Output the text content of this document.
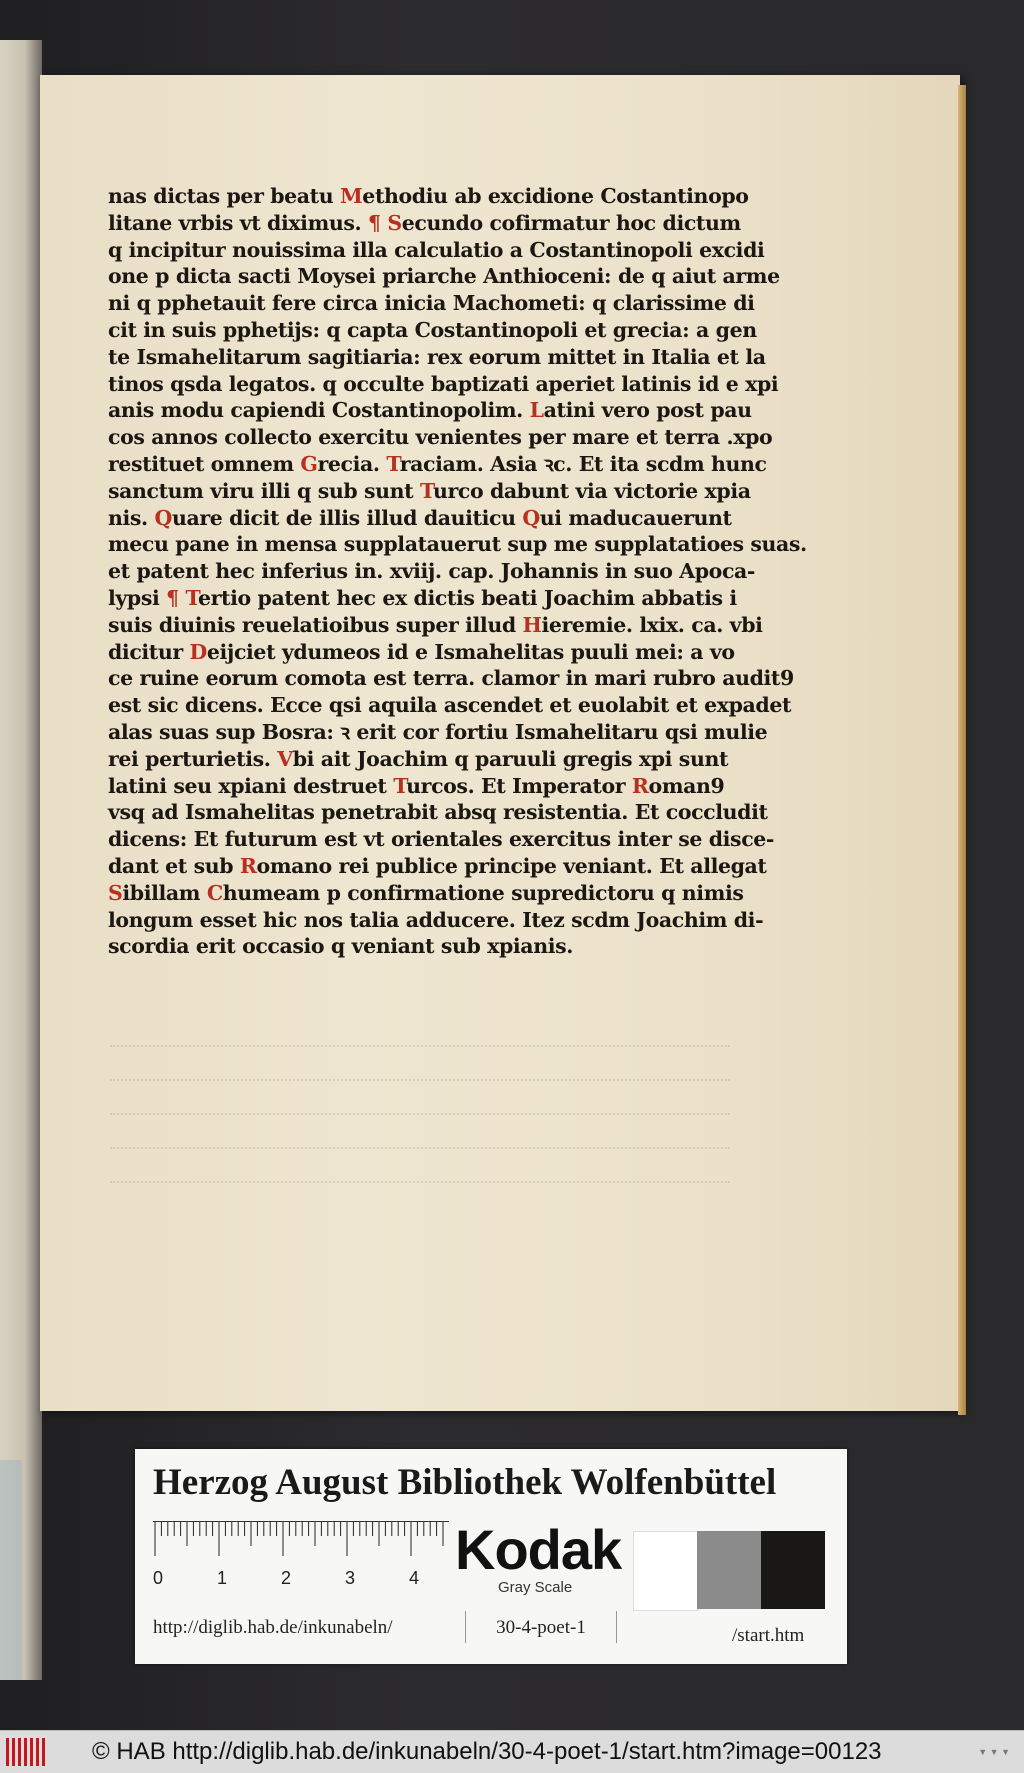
nas dictas per beatu Methodiu ab excidione Costantinopo
litane vrbis vt diximus. ¶ Secundo cofirmatur hoc dictum
q incipitur nouissima illa calculatio a Costantinopoli excidi
one p dicta sacti Moysei priarche Anthioceni: de q aiut arme
ni q pphetauit fere circa inicia Machometi: q clarissime di
cit in suis pphetijs: q capta Costantinopoli et grecia: a gen
te Ismahelitarum sagitiaria: rex eorum mittet in Italia et la
tinos qsda legatos. q occulte baptizati aperiet latinis id e xpi
anis modu capiendi Costantinopolim. Latini vero post pau
cos annos collecto exercitu venientes per mare et terra .xpo
restituet omnem Grecia. Traciam. Asia ꝛc. Et ita scdm hunc
sanctum viru illi q sub sunt Turco dabunt via victorie xpia
nis. Quare dicit de illis illud dauiticu Qui maducauerunt
mecu pane in mensa supplatauerut sup me supplatatioes suas.
et patent hec inferius in. xviij. cap. Johannis in suo Apoca-
lypsi ¶ Tertio patent hec ex dictis beati Joachim abbatis i
suis diuinis reuelatioibus super illud Hieremie. lxix. ca. vbi
dicitur Deijciet ydumeos id e Ismahelitas puuli mei: a vo
ce ruine eorum comota est terra. clamor in mari rubro audit9
est sic dicens. Ecce qsi aquila ascendet et euolabit et expadet
alas suas sup Bosra: ꝛ erit cor fortiu Ismahelitaru qsi mulie
rei perturietis. Vbi ait Joachim q paruuli gregis xpi sunt
latini seu xpiani destruet Turcos. Et Imperator Roman9
vsq ad Ismahelitas penetrabit absq resistentia. Et coccludit
dicens: Et futurum est vt orientales exercitus inter se disce-
dant et sub Romano rei publice principe veniant. Et allegat
Sibillam Chumeam p confirmatione supredictoru q nimis
longum esset hic nos talia adducere. Itez scdm Joachim di-
scordia erit occasio q veniant sub xpianis.
Herzog August Bibliothek Wolfenbüttel
0	1	2	3	4 Kodak
Gray Scale
http://diglib.hab.de/inkunabeln/	30-4-poet-1	/start.htm
© HAB http://diglib.hab.de/inkunabeln/30-4-poet-1/start.htm?image=00123	▼ ▼ ▼
